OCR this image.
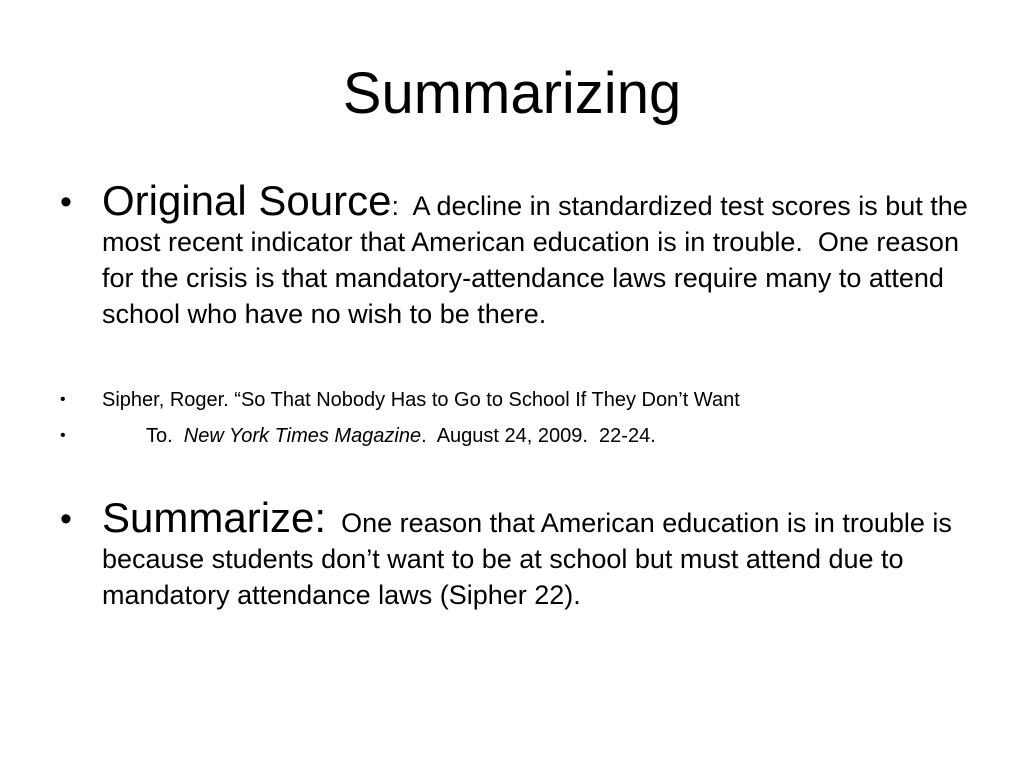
Summarizing
• Original Source:  A decline in standardized test scores is but the most recent indicator that American education is in trouble.  One reason for the crisis is that mandatory-attendance laws require many to attend school who have no wish to be there.
• Sipher, Roger. “So That Nobody Has to Go to School If They Don’t Want
•	To.  New York Times Magazine.  August 24, 2009.  22-24.
• Summarize:  One reason that American education is in trouble is because students don’t want to be at school but must attend due to mandatory attendance laws (Sipher 22).
